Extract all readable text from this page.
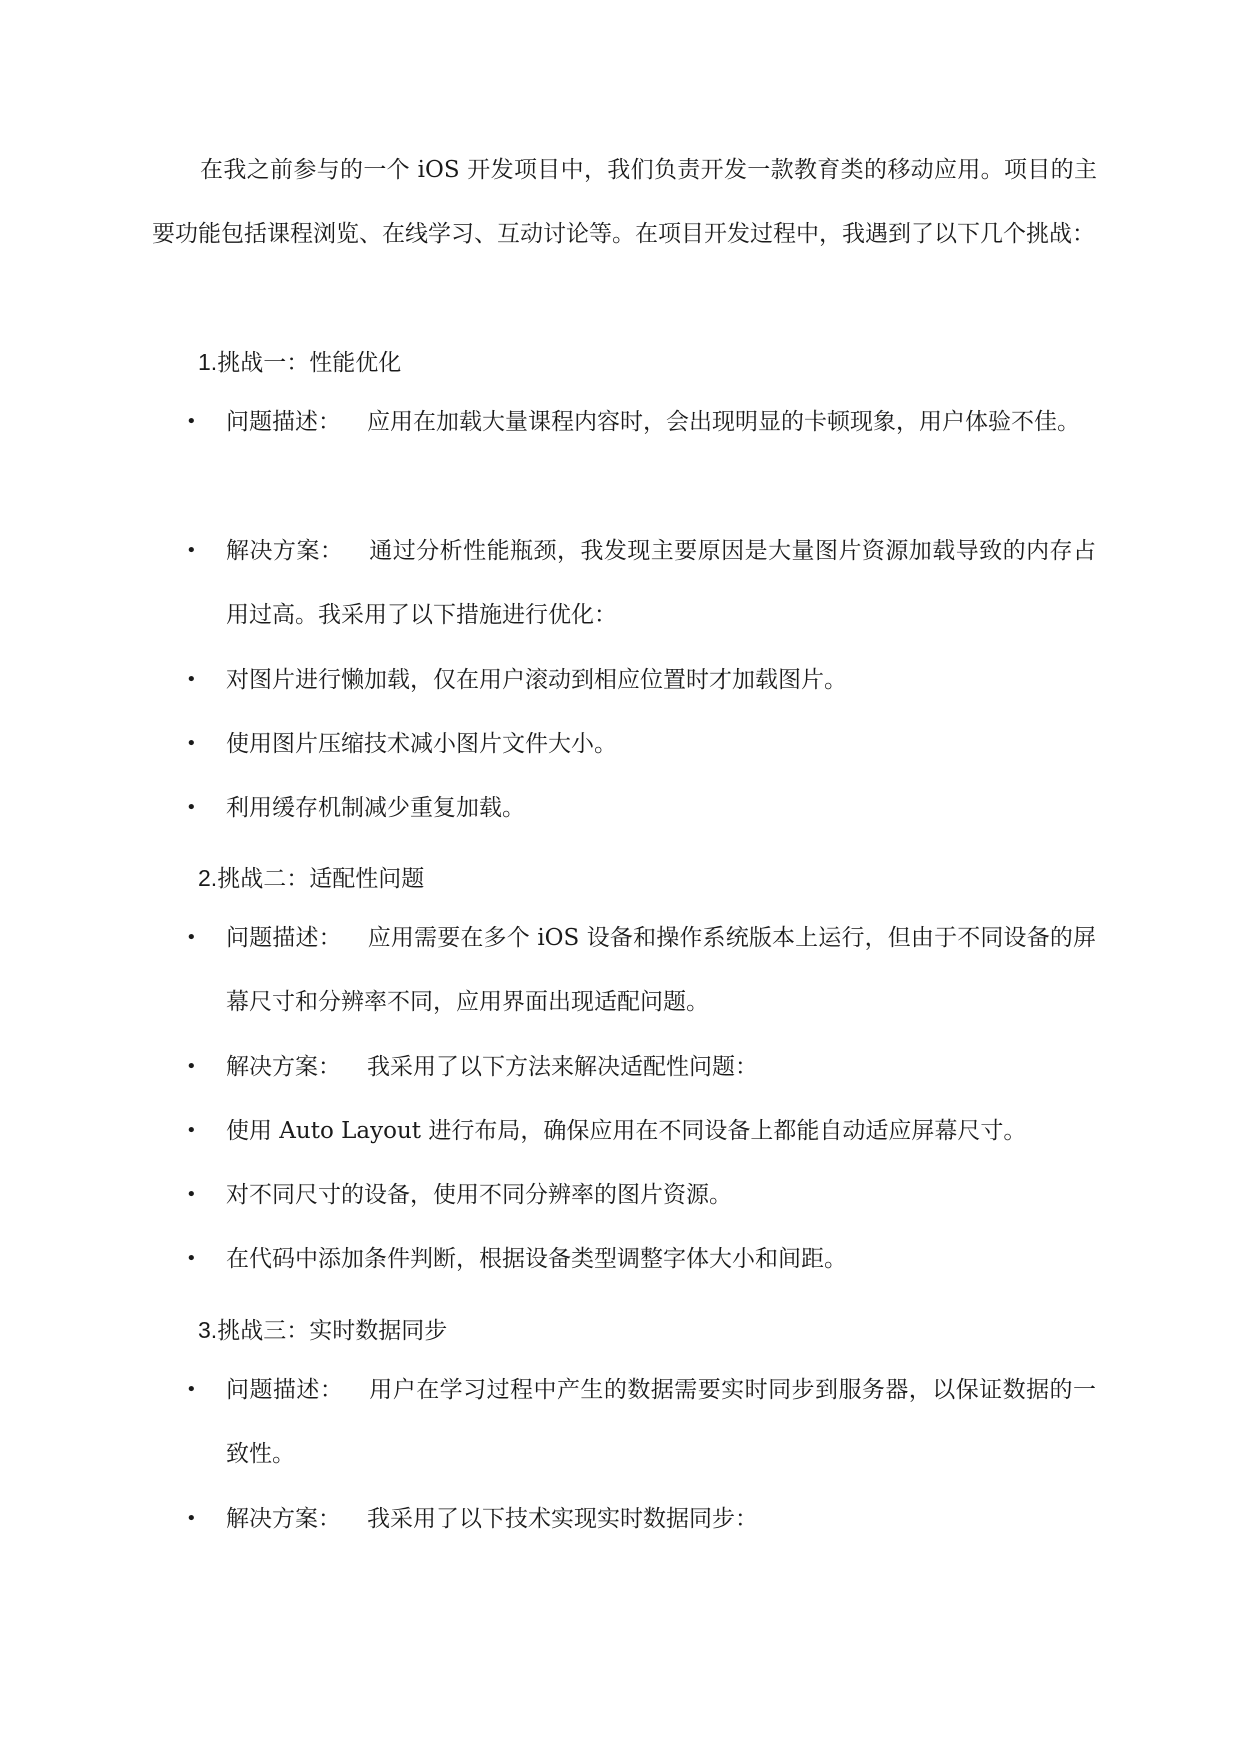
在我之前参与的一个 iOS 开发项目中，我们负责开发一款教育类的移动应用。项目的主要功能包括课程浏览、在线学习、互动讨论等。在项目开发过程中，我遇到了以下几个挑战：

1.挑战一：性能优化

•	问题描述： 应用在加载大量课程内容时，会出现明显的卡顿现象，用户体验不佳。
•	解决方案： 通过分析性能瓶颈，我发现主要原因是大量图片资源加载导致的内存占用过高。我采用了以下措施进行优化：
•	对图片进行懒加载，仅在用户滚动到相应位置时才加载图片。
•	使用图片压缩技术减小图片文件大小。
•	利用缓存机制减少重复加载。

2.挑战二：适配性问题

•	问题描述： 应用需要在多个 iOS 设备和操作系统版本上运行，但由于不同设备的屏幕尺寸和分辨率不同，应用界面出现适配问题。
•	解决方案： 我采用了以下方法来解决适配性问题：
•	使用 Auto Layout 进行布局，确保应用在不同设备上都能自动适应屏幕尺寸。
•	对不同尺寸的设备，使用不同分辨率的图片资源。
•	在代码中添加条件判断，根据设备类型调整字体大小和间距。

3.挑战三：实时数据同步

•	问题描述： 用户在学习过程中产生的数据需要实时同步到服务器，以保证数据的一致性。
•	解决方案： 我采用了以下技术实现实时数据同步：
